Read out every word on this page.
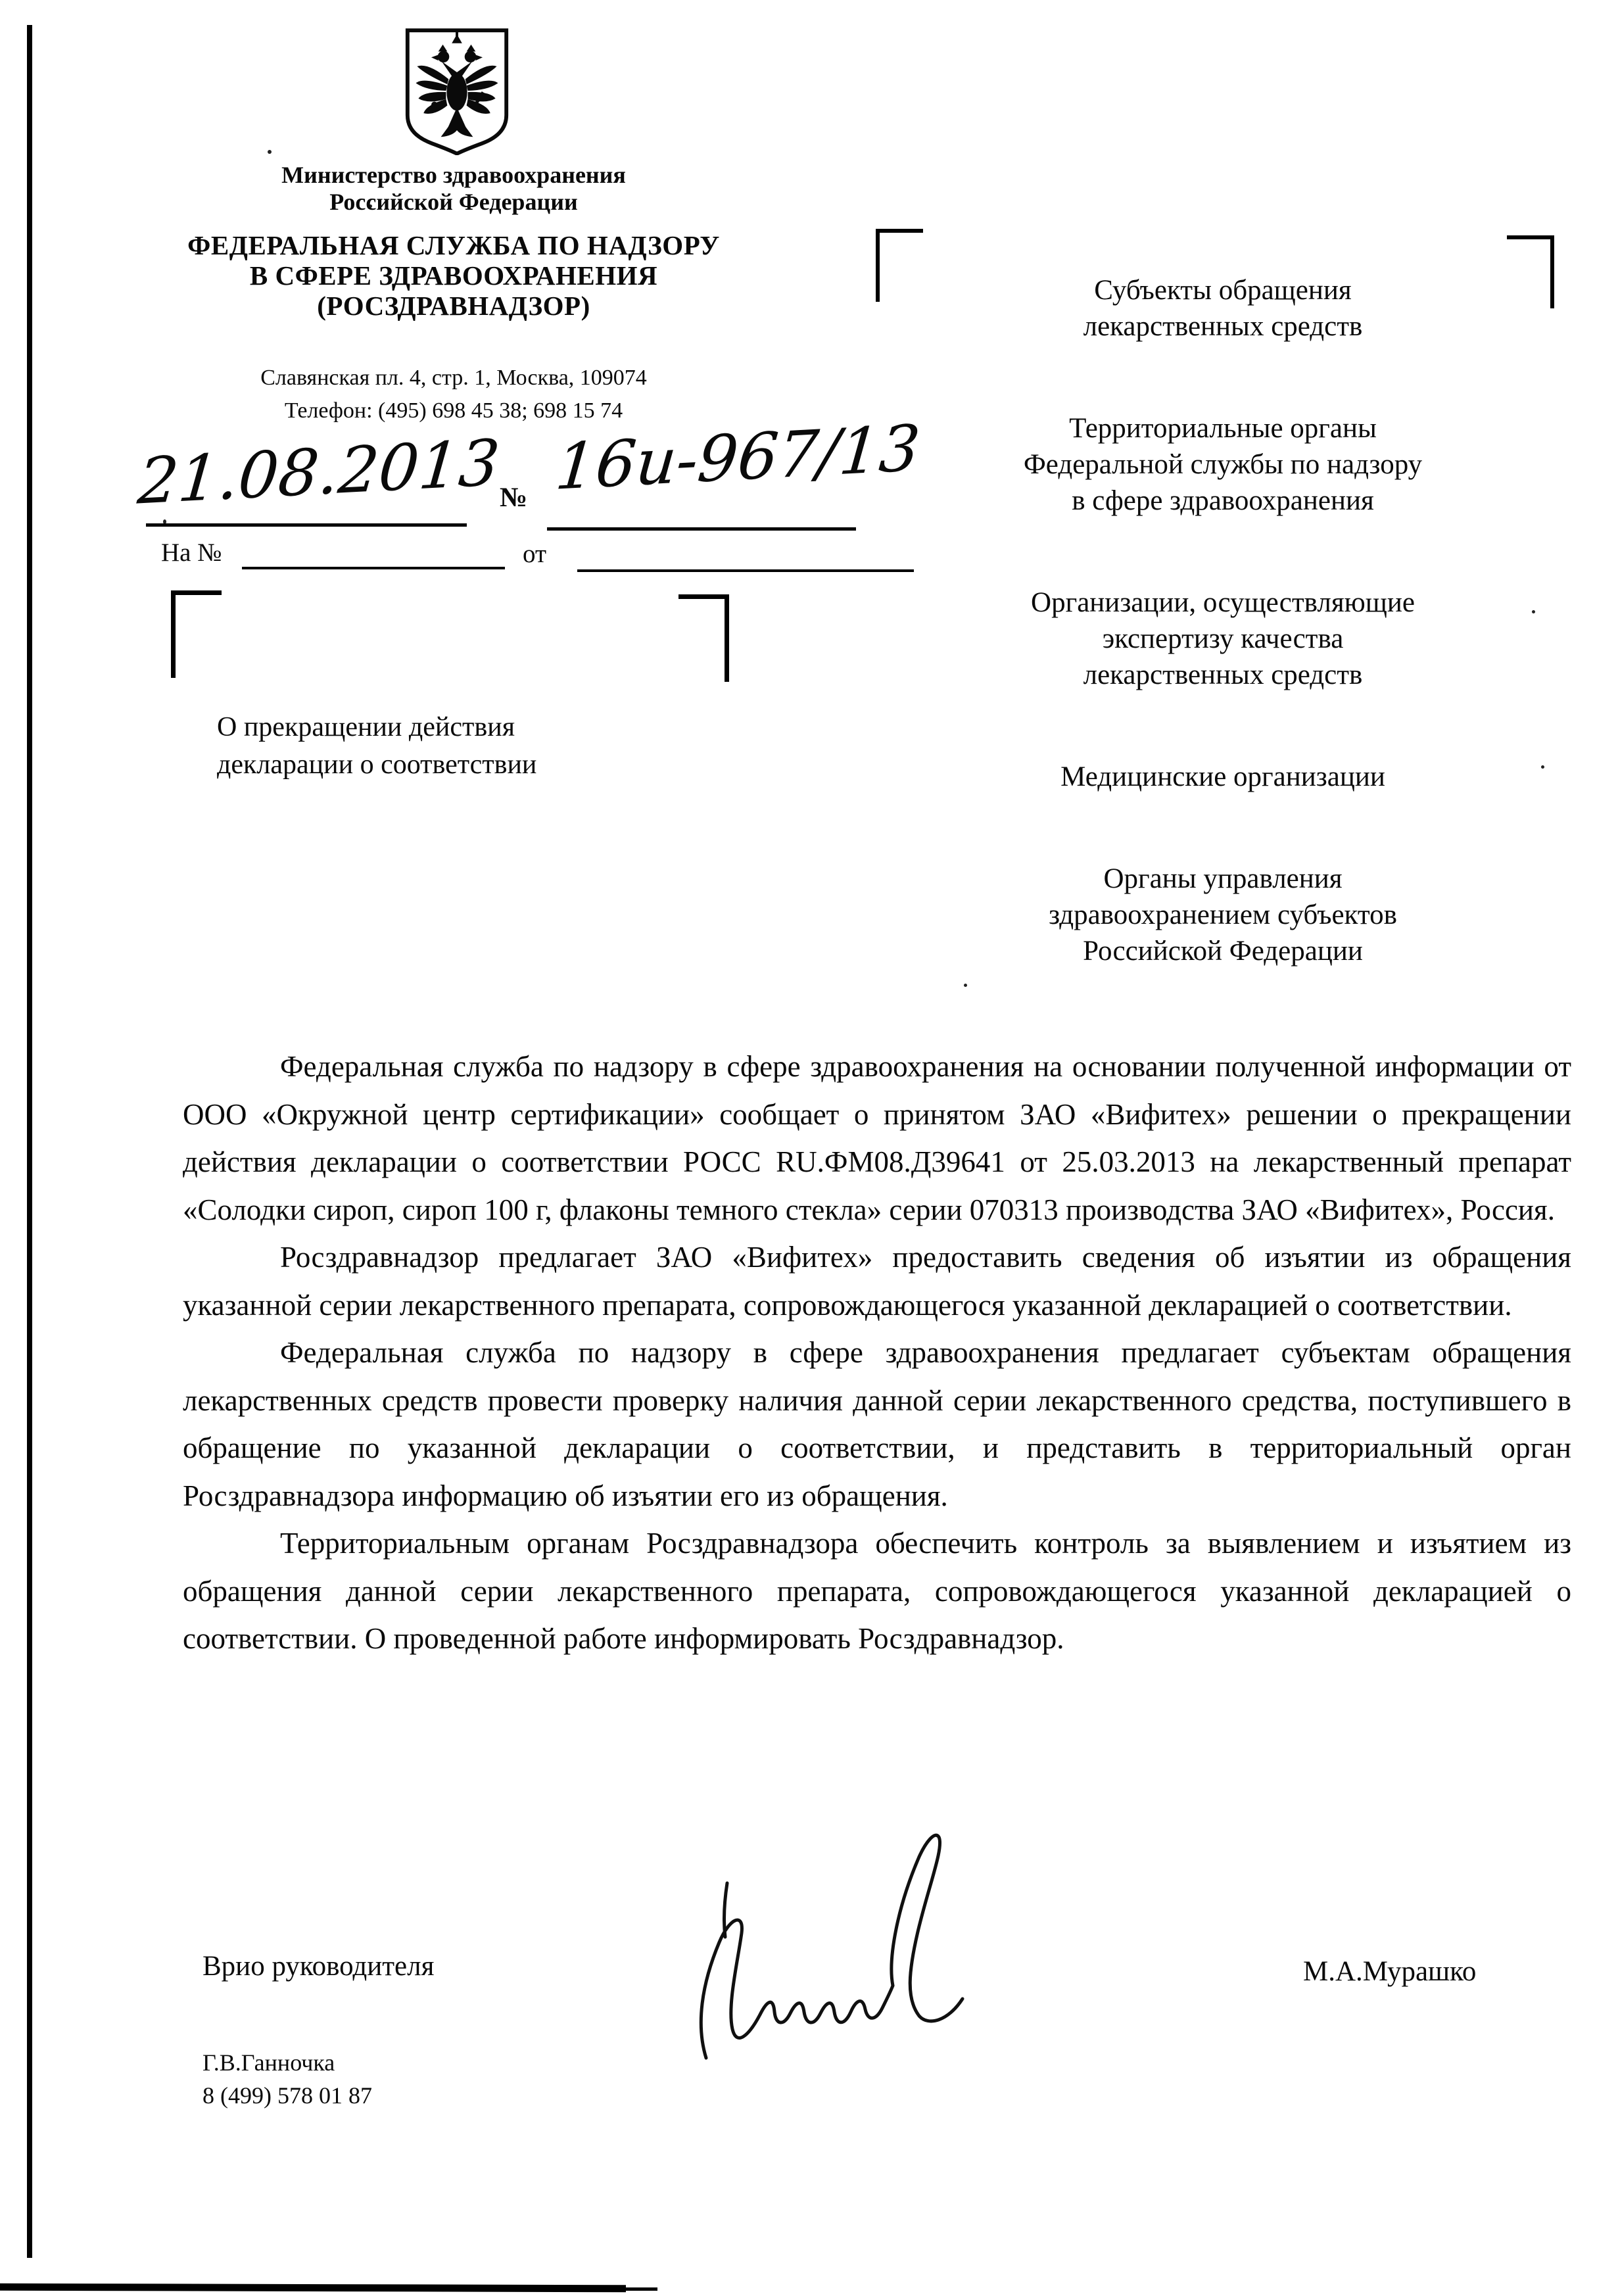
Министерство здравоохранения
Российской Федерации
ФЕДЕРАЛЬНАЯ СЛУЖБА ПО НАДЗОРУ
В СФЕРЕ ЗДРАВООХРАНЕНИЯ
(РОСЗДРАВНАДЗОР)
Славянская пл. 4, стр. 1, Москва, 109074
Телефон: (495) 698 45 38; 698 15 74
21.08.2013
№ 16и-967/13
На №	от
О прекращении действия
декларации о соответствии
Субъекты обращения
лекарственных средств
Территориальные органы
Федеральной службы по надзору
в сфере здравоохранения
Организации, осуществляющие
экспертизу качества
лекарственных средств
Медицинские организации
Органы управления
здравоохранением субъектов
Российской Федерации

Федеральная служба по надзору в сфере здравоохранения на основании полученной информации от ООО «Окружной центр сертификации» сообщает о принятом ЗАО «Вифитех» решении о прекращении действия декларации о соответствии РОСС RU.ФМ08.Д39641 от 25.03.2013 на лекарственный препарат «Солодки сироп, сироп 100 г, флаконы темного стекла» серии 070313 производства ЗАО «Вифитех», Россия.

Росздравнадзор предлагает ЗАО «Вифитех» предоставить сведения об изъятии из обращения указанной серии лекарственного препарата, сопровождающегося указанной декларацией о соответствии.

Федеральная служба по надзору в сфере здравоохранения предлагает субъектам обращения лекарственных средств провести проверку наличия данной серии лекарственного средства, поступившего в обращение по указанной декларации о соответствии, и представить в территориальный орган Росздравнадзора информацию об изъятии его из обращения.

Территориальным органам Росздравнадзора обеспечить контроль за выявлением и изъятием из обращения данной серии лекарственного препарата, сопровождающегося указанной декларацией о соответствии. О проведенной работе информировать Росздравнадзор.

Врио руководителя	М.А.Мурашко
Г.В.Ганночка
8 (499) 578 01 87
